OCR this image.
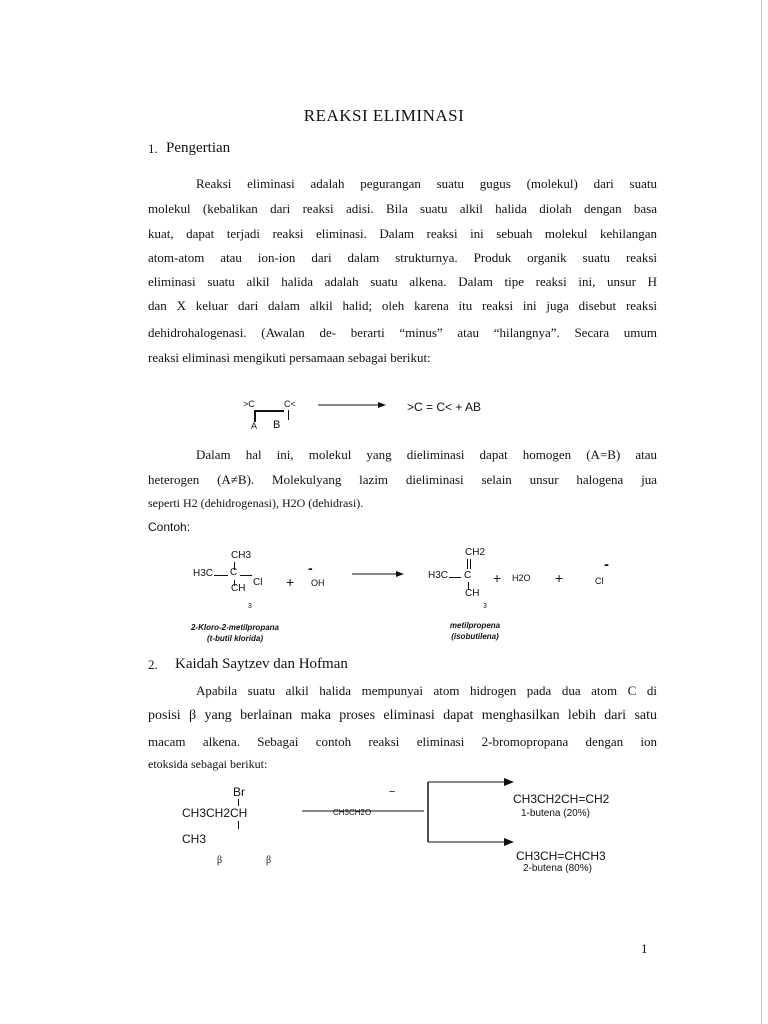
REAKSI ELIMINASI
1. Pengertian
Reaksi eliminasi adalah pegurangan suatu gugus (molekul) dari suatu
molekul (kebalikan dari reaksi adisi. Bila suatu alkil halida diolah dengan basa
kuat, dapat terjadi reaksi eliminasi. Dalam reaksi ini sebuah molekul kehilangan
atom-atom atau ion-ion dari dalam strukturnya. Produk organik suatu reaksi
eliminasi suatu alkil halida adalah suatu alkena. Dalam tipe reaksi ini, unsur H
dan X keluar dari dalam alkil halid; oleh karena itu reaksi ini juga disebut reaksi
dehidrohalogenasi. (Awalan de- berarti “minus” atau “hilangnya”. Secara umum
reaksi eliminasi mengikuti persamaan sebagai berikut:
>C	C<
A B
>C = C< + AB
Dalam hal ini, molekul yang dieliminasi dapat homogen (A=B) atau
heterogen (A≠B). Molekulyang lazim dieliminasi selain unsur halogena jua
seperti H2 (dehidrogenasi), H2O (dehidrasi).
Contoh:
CH3
H3C C
Cl
CH
3
+
-
OH
CH2
H3C C
CH
3
+ H2O +
-
Cl
2-Kloro-2-metilpropana
(t-butil klorida)
metilpropena
(isobutilena)
2. Kaidah Saytzev dan Hofman
Apabila suatu alkil halida mempunyai atom hidrogen pada dua atom C di
posisi β yang berlainan maka proses eliminasi dapat menghasilkan lebih dari satu
macam alkena. Sebagai contoh reaksi eliminasi 2-bromopropana dengan ion
etoksida sebagai berikut:
Br
CH3CH2CH
CH3
β	β
−
CH3CH2O
CH3CH2CH=CH2
1-butena (20%)
CH3CH=CHCH3
2-butena (80%)
1
